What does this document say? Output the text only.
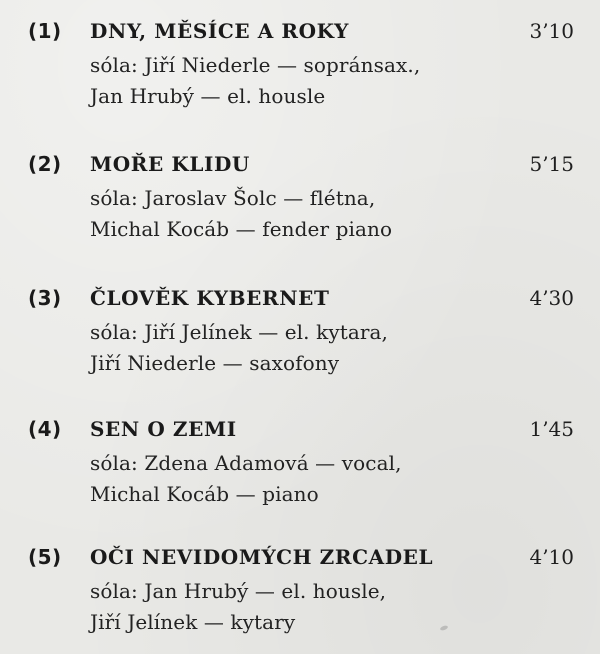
(1) DNY, MĚSÍCE A ROKY	3’10
sóla: Jiří Niederle — sopránsax.,
Jan Hrubý — el. housle
(2) MOŘE KLIDU	5’15
sóla: Jaroslav Šolc — flétna,
Michal Kocáb — fender piano
(3) ČLOVĚK KYBERNET	4’30
sóla: Jiří Jelínek — el. kytara,
Jiří Niederle — saxofony
(4) SEN O ZEMI	1’45
sóla: Zdena Adamová — vocal,
Michal Kocáb — piano
(5) OČI NEVIDOMÝCH ZRCADEL	4’10
sóla: Jan Hrubý — el. housle,
Jiří Jelínek — kytary
